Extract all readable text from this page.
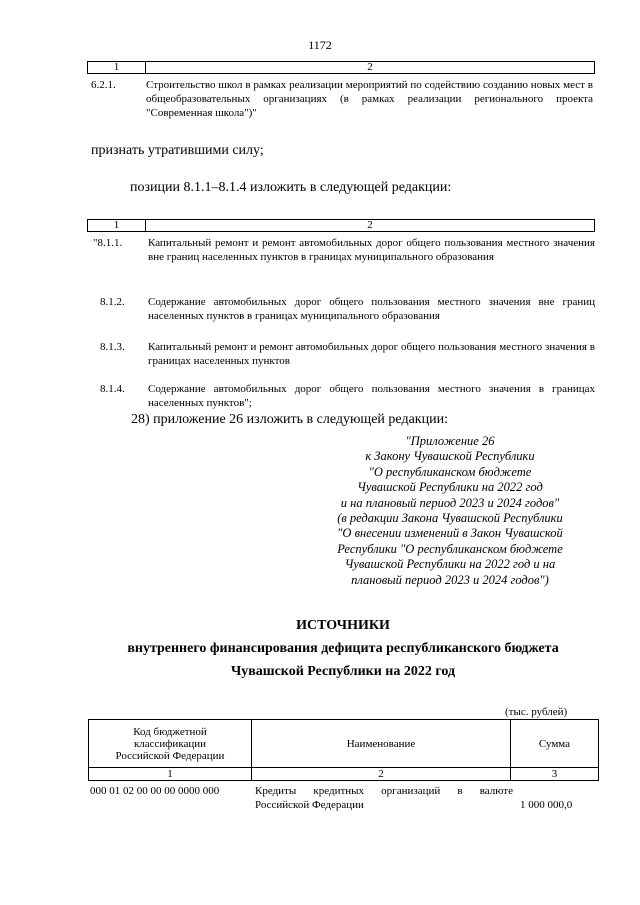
1172
1	2
6.2.1.	Строительство школ в рамках реализации мероприятий по содействию созданию новых мест в общеобразовательных организациях (в рамках реализации регионального проекта "Современная школа")"
признать утратившими силу;
позиции 8.1.1–8.1.4 изложить в следующей редакции:
1	2
"8.1.1. Капитальный ремонт и ремонт автомобильных дорог общего пользования местного значения вне границ населенных пунктов в границах муниципального образования
8.1.2. Содержание автомобильных дорог общего пользования местного значения вне границ населенных пунктов в границах муниципального образования
8.1.3. Капитальный ремонт и ремонт автомобильных дорог общего пользования местного значения в границах населенных пунктов
8.1.4. Содержание автомобильных дорог общего пользования местного значения в границах населенных пунктов";
28) приложение 26 изложить в следующей редакции:
"Приложение 26
к Закону Чувашской Республики
"О республиканском бюджете
Чувашской Республики на 2022 год
и на плановый период 2023 и 2024 годов"
(в редакции Закона Чувашской Республики
"О внесении изменений в Закон Чувашской
Республики "О республиканском бюджете
Чувашской Республики на 2022 год и на
плановый период 2023 и 2024 годов")
ИСТОЧНИКИ
внутреннего финансирования дефицита республиканского бюджета
Чувашской Республики на 2022 год
(тыс. рублей)
Код бюджетной
классификации
Российской Федерации	Наименование	Сумма
1	2	3
000 01 02 00 00 00 0000 000	Кредиты кредитных организаций в валюте
Российской Федерации	1 000 000,0
